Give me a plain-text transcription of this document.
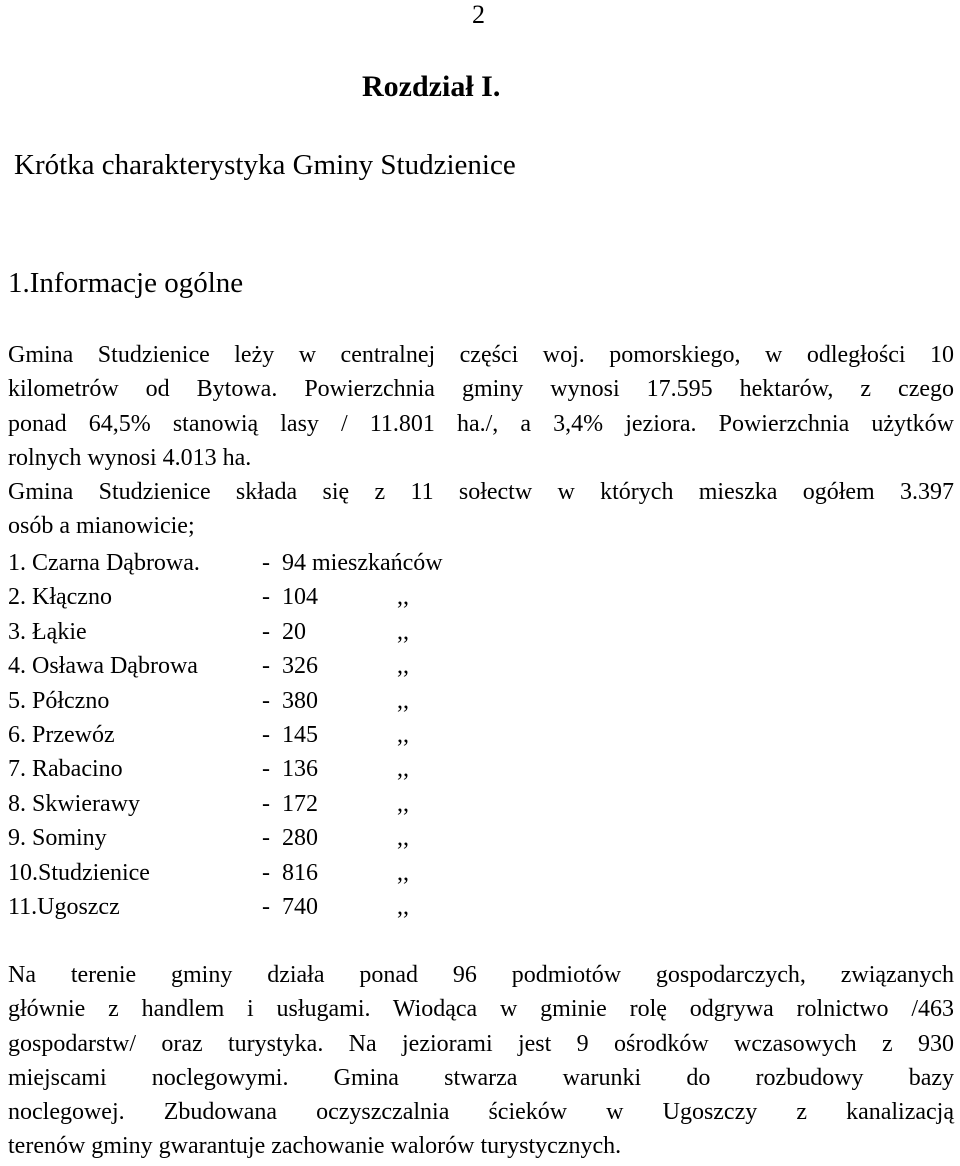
2
Rozdział I.
Krótka charakterystyka Gminy Studzienice
1.Informacje ogólne

Gmina Studzienice leży w centralnej części woj. pomorskiego, w odległości 10

kilometrów od Bytowa. Powierzchnia gminy wynosi 17.595 hektarów, z czego

ponad 64,5% stanowią lasy / 11.801 ha./, a 3,4% jeziora. Powierzchnia użytków

rolnych wynosi 4.013 ha.

Gmina Studzienice składa się z 11 sołectw w których mieszka ogółem 3.397

osób a mianowicie;

1. Czarna Dąbrowa.	- 94 mieszkańców
2. Kłączno	- 104	,,
3. Łąkie	- 20	,,
4. Osława Dąbrowa	- 326	,,
5. Półczno	- 380	,,
6. Przewóz	- 145	,,
7. Rabacino	- 136	,,
8. Skwierawy	- 172	,,
9. Sominy	- 280	,,
10.Studzienice	- 816	,,
11.Ugoszcz	- 740	,,

Na terenie gminy działa ponad 96 podmiotów gospodarczych, związanych

głównie z handlem i usługami. Wiodąca w gminie rolę odgrywa rolnictwo /463

gospodarstw/ oraz turystyka. Na jeziorami jest 9 ośrodków wczasowych z 930

miejscami noclegowymi. Gmina stwarza warunki do rozbudowy bazy

noclegowej. Zbudowana oczyszczalnia ścieków w Ugoszczy z kanalizacją

terenów gminy gwarantuje zachowanie walorów turystycznych.
